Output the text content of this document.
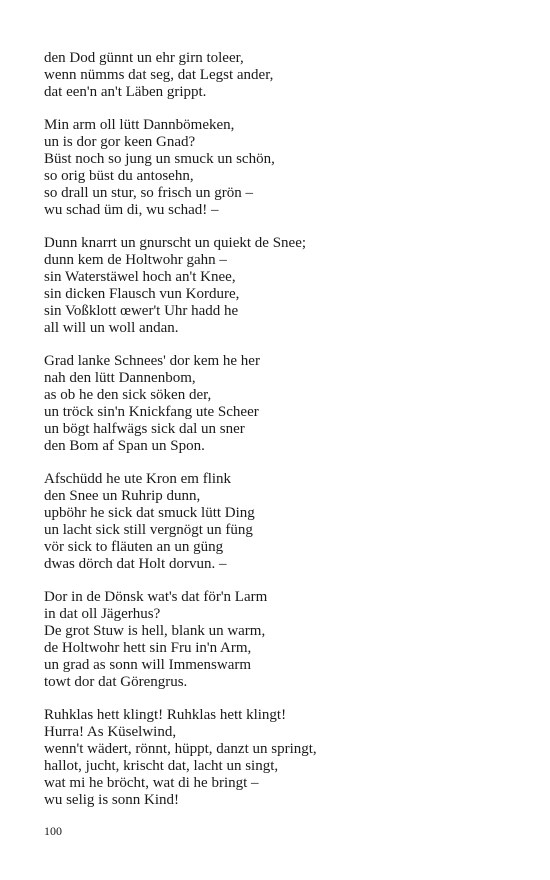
den Dod günnt un ehr girn toleer,
wenn nümms dat seg, dat Legst ander,
dat een'n an't Läben grippt.
Min arm oll lütt Dannbömeken,
un is dor gor keen Gnad?
Büst noch so jung un smuck un schön,
so orig büst du antosehn,
so drall un stur, so frisch un grön –
wu schad üm di, wu schad! –
Dunn knarrt un gnurscht un quiekt de Snee;
dunn kem de Holtwohr gahn –
sin Waterstäwel hoch an't Knee,
sin dicken Flausch vun Kordure,
sin Voßklott œwer't Uhr hadd he
all will un woll andan.
Grad lanke Schnees' dor kem he her
nah den lütt Dannenbom,
as ob he den sick söken der,
un tröck sin'n Knickfang ute Scheer
un bögt halfwägs sick dal un sner
den Bom af Span un Spon.
Afschüdd he ute Kron em flink
den Snee un Ruhrip dunn,
upböhr he sick dat smuck lütt Ding
un lacht sick still vergnögt un füng
vör sick to fläuten an un güng
dwas dörch dat Holt dorvun. –
Dor in de Dönsk wat's dat för'n Larm
in dat oll Jägerhus?
De grot Stuw is hell, blank un warm,
de Holtwohr hett sin Fru in'n Arm,
un grad as sonn will Immenswarm
towt dor dat Görengrus.
Ruhklas hett klingt! Ruhklas hett klingt!
Hurra! As Küselwind,
wenn't wädert, rönnt, hüppt, danzt un springt,
hallot, jucht, krischt dat, lacht un singt,
wat mi he bröcht, wat di he bringt –
wu selig is sonn Kind!
100
